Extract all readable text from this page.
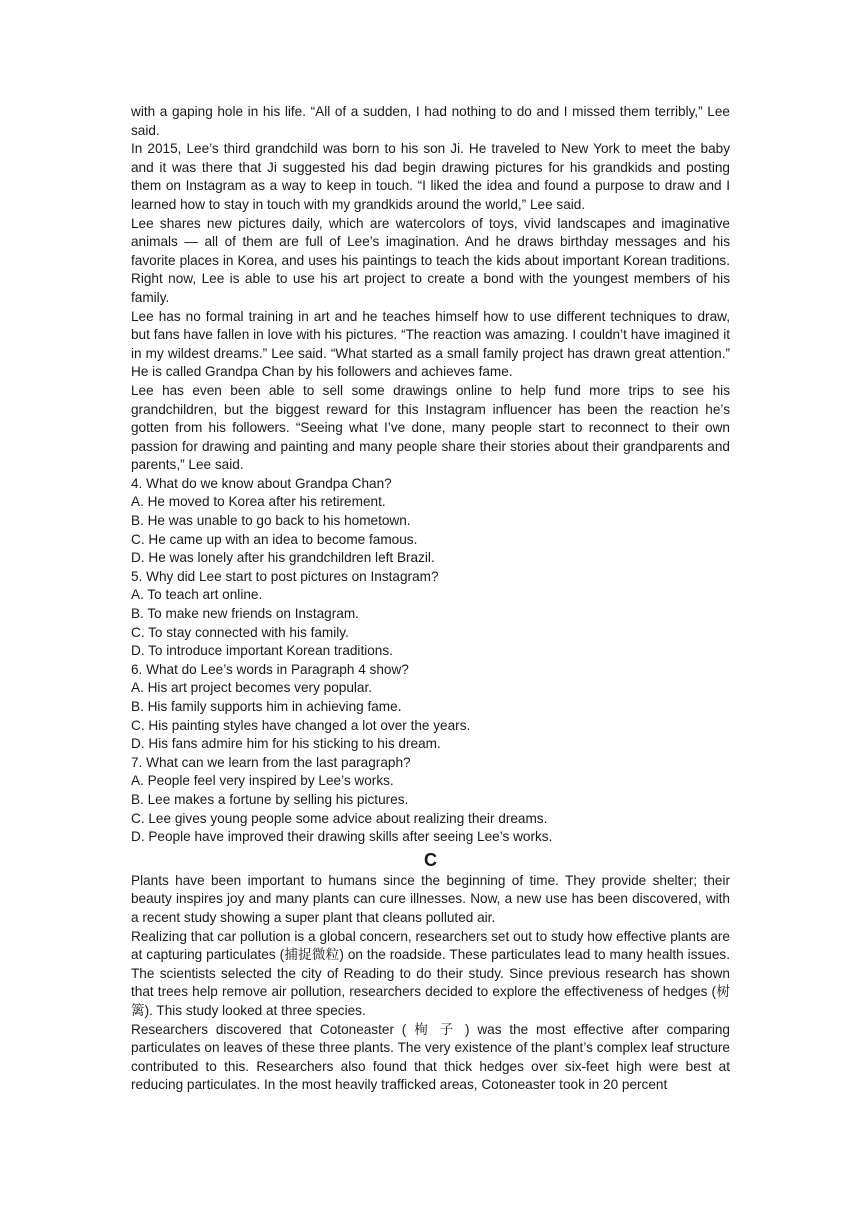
with a gaping hole in his life. “All of a sudden, I had nothing to do and I missed them terribly,” Lee said.

In 2015, Lee’s third grandchild was born to his son Ji. He traveled to New York to meet the baby and it was there that Ji suggested his dad begin drawing pictures for his grandkids and posting them on Instagram as a way to keep in touch. “I liked the idea and found a purpose to draw and I learned how to stay in touch with my grandkids around the world,” Lee said.

Lee shares new pictures daily, which are watercolors of toys, vivid landscapes and imaginative animals — all of them are full of Lee’s imagination. And he draws birthday messages and his favorite places in Korea, and uses his paintings to teach the kids about important Korean traditions. Right now, Lee is able to use his art project to create a bond with the youngest members of his family.

Lee has no formal training in art and he teaches himself how to use different techniques to draw, but fans have fallen in love with his pictures. “The reaction was amazing. I couldn’t have imagined it in my wildest dreams.” Lee said. “What started as a small family project has drawn great attention.” He is called Grandpa Chan by his followers and achieves fame.

Lee has even been able to sell some drawings online to help fund more trips to see his grandchildren, but the biggest reward for this Instagram influencer has been the reaction he’s gotten from his followers. “Seeing what I’ve done, many people start to reconnect to their own passion for drawing and painting and many people share their stories about their grandparents and parents,” Lee said.

4. What do we know about Grandpa Chan?

A. He moved to Korea after his retirement.

B. He was unable to go back to his hometown.

C. He came up with an idea to become famous.

D. He was lonely after his grandchildren left Brazil.

5. Why did Lee start to post pictures on Instagram?

A. To teach art online.

B. To make new friends on Instagram.

C. To stay connected with his family.

D. To introduce important Korean traditions.

6. What do Lee’s words in Paragraph 4 show?

A. His art project becomes very popular.

B. His family supports him in achieving fame.

C. His painting styles have changed a lot over the years.

D. His fans admire him for his sticking to his dream.

7. What can we learn from the last paragraph?

A. People feel very inspired by Lee’s works.

B. Lee makes a fortune by selling his pictures.

C. Lee gives young people some advice about realizing their dreams.

D. People have improved their drawing skills after seeing Lee’s works.

C

Plants have been important to humans since the beginning of time. They provide shelter; their beauty inspires joy and many plants can cure illnesses. Now, a new use has been discovered, with a recent study showing a super plant that cleans polluted air.

Realizing that car pollution is a global concern, researchers set out to study how effective plants are at capturing particulates (捕捉微粒) on the roadside. These particulates lead to many health issues. The scientists selected the city of Reading to do their study. Since previous research has shown that trees help remove air pollution, researchers decided to explore the effectiveness of hedges (树篱). This study looked at three species.

Researchers discovered that Cotoneaster ( 栒 子 ) was the most effective after comparing particulates on leaves of these three plants. The very existence of the plant’s complex leaf structure contributed to this. Researchers also found that thick hedges over six-feet high were best at reducing particulates. In the most heavily trafficked areas, Cotoneaster took in 20 percent
